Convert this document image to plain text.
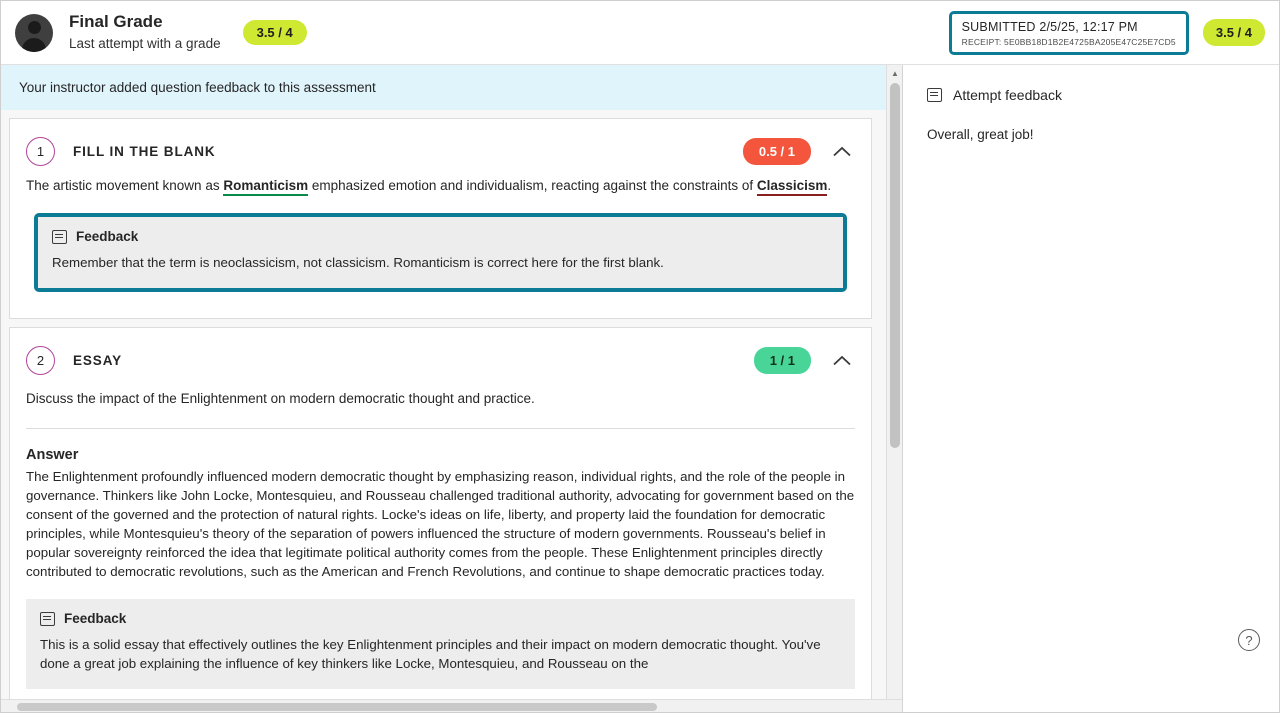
Final Grade
Last attempt with a grade
3.5 / 4	SUBMITTED 2/5/25, 12:17 PM
RECEIPT: 5E0BB18D1B2E4725BA205E47C25E7CD5
3.5 / 4
Your instructor added question feedback to this assessment
1	FILL IN THE BLANK	0.5 / 1
The artistic movement known as Romanticism emphasized emotion and individualism, reacting against the constraints of Classicism.
Feedback
Remember that the term is neoclassicism, not classicism. Romanticism is correct here for the first blank.
2	ESSAY	1 / 1
Discuss the impact of the Enlightenment on modern democratic thought and practice.
Answer
The Enlightenment profoundly influenced modern democratic thought by emphasizing reason, individual rights, and the role of the people in governance. Thinkers like John Locke, Montesquieu, and Rousseau challenged traditional authority, advocating for government based on the consent of the governed and the protection of natural rights. Locke's ideas on life, liberty, and property laid the foundation for democratic principles, while Montesquieu's theory of the separation of powers influenced the structure of modern governments. Rousseau's belief in popular sovereignty reinforced the idea that legitimate political authority comes from the people. These Enlightenment principles directly contributed to democratic revolutions, such as the American and French Revolutions, and continue to shape democratic practices today.
Feedback
This is a solid essay that effectively outlines the key Enlightenment principles and their impact on modern democratic thought. You've done a great job explaining the influence of key thinkers like Locke, Montesquieu, and Rousseau on the
▲
Attempt feedback
Overall, great job!
?
